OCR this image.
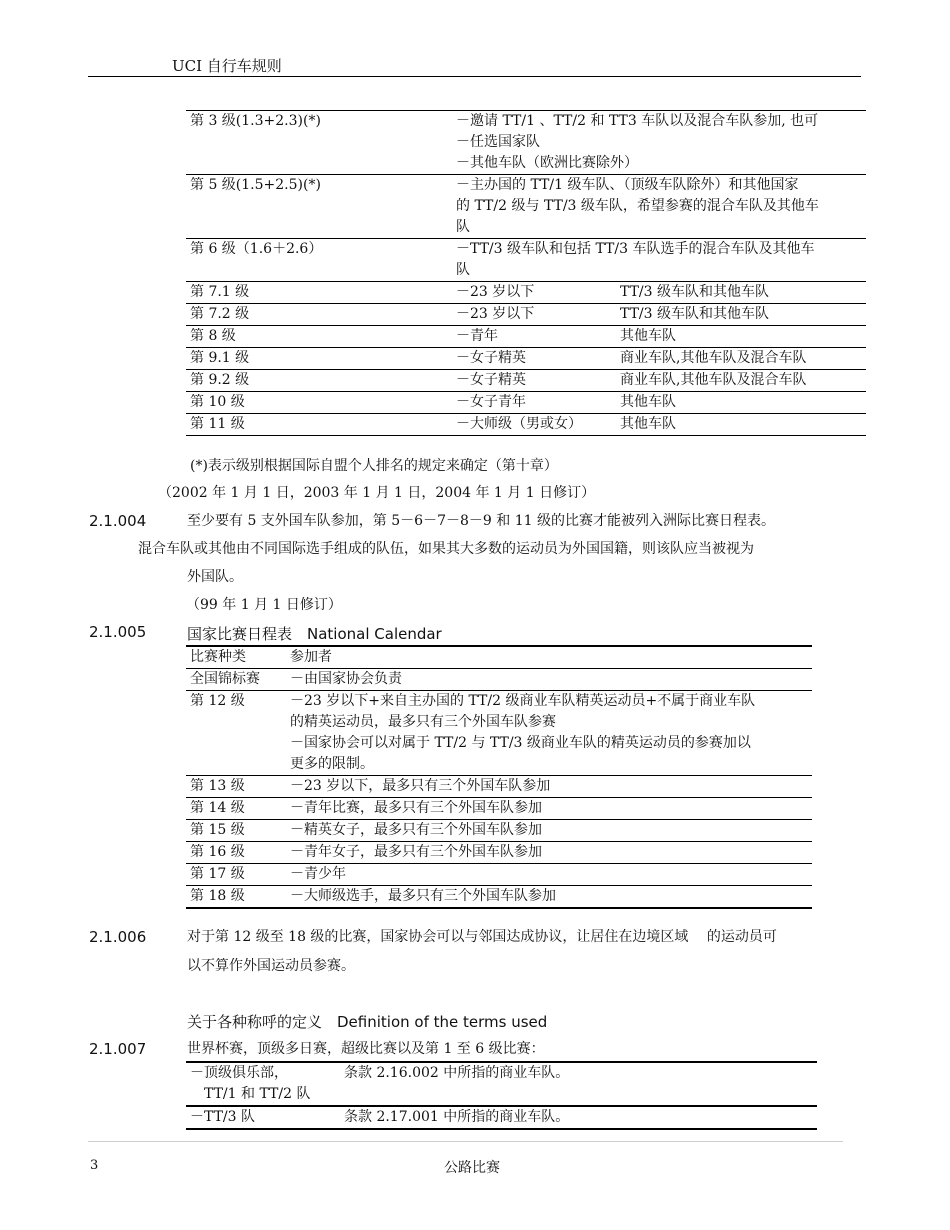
UCI 自行车规则
第 3 级(1.3+2.3)(*)	－邀请 TT/1 、TT/2 和 TT3 车队以及混合车队参加, 也可
－任选国家队
－其他车队（欧洲比赛除外）

第 5 级(1.5+2.5)(*)	－主办国的 TT/1 级车队、（顶级车队除外）和其他国家
的 TT/2 级与 TT/3 级车队，希望参赛的混合车队及其他车
队

第 6 级（1.6＋2.6）	－TT/3 级车队和包括 TT/3 车队选手的混合车队及其他车
队

第 7.1 级	－23 岁以下 TT/3 级车队和其他车队

第 7.2 级	－23 岁以下 TT/3 级车队和其他车队

第 8 级	－青年 其他车队

第 9.1 级	－女子精英 商业车队,其他车队及混合车队

第 9.2 级	－女子精英 商业车队,其他车队及混合车队

第 10 级	－女子青年 其他车队

第 11 级	－大师级（男或女） 其他车队
(*)表示级别根据国际自盟个人排名的规定来确定（第十章）
（2002 年 1 月 1 日，2003 年 1 月 1 日，2004 年 1 月 1 日修订）
2.1.004	至少要有 5 支外国车队参加，第 5－6－7－8－9 和 11 级的比赛才能被列入洲际比赛日程表。
混合车队或其他由不同国际选手组成的队伍，如果其大多数的运动员为外国国籍，则该队应当被视为
外国队。
（99 年 1 月 1 日修订）
2.1.005	国家比赛日程表　National Calendar
比赛种类	参加者
全国锦标赛	－由国家协会负责
第 12 级	－23 岁以下+来自主办国的 TT/2 级商业车队精英运动员+不属于商业车队
的精英运动员，最多只有三个外国车队参赛
－国家协会可以对属于 TT/2 与 TT/3 级商业车队的精英运动员的参赛加以
更多的限制。

第 13 级	－23 岁以下，最多只有三个外国车队参加
第 14 级	－青年比赛，最多只有三个外国车队参加
第 15 级	－精英女子，最多只有三个外国车队参加
第 16 级	－青年女子，最多只有三个外国车队参加
第 17 级	－青少年
第 18 级	－大师级选手，最多只有三个外国车队参加
2.1.006	对于第 12 级至 18 级的比赛，国家协会可以与邻国达成协议，让居住在边境区域　 的运动员可
以不算作外国运动员参赛。
关于各种称呼的定义　Definition of the terms used
2.1.007	世界杯赛，顶级多日赛，超级比赛以及第 1 至 6 级比赛：
－顶级俱乐部，
TT/1 和 TT/2 队	条款 2.16.002 中所指的商业车队。
－TT/3 队	条款 2.17.001 中所指的商业车队。
3	公路比赛
